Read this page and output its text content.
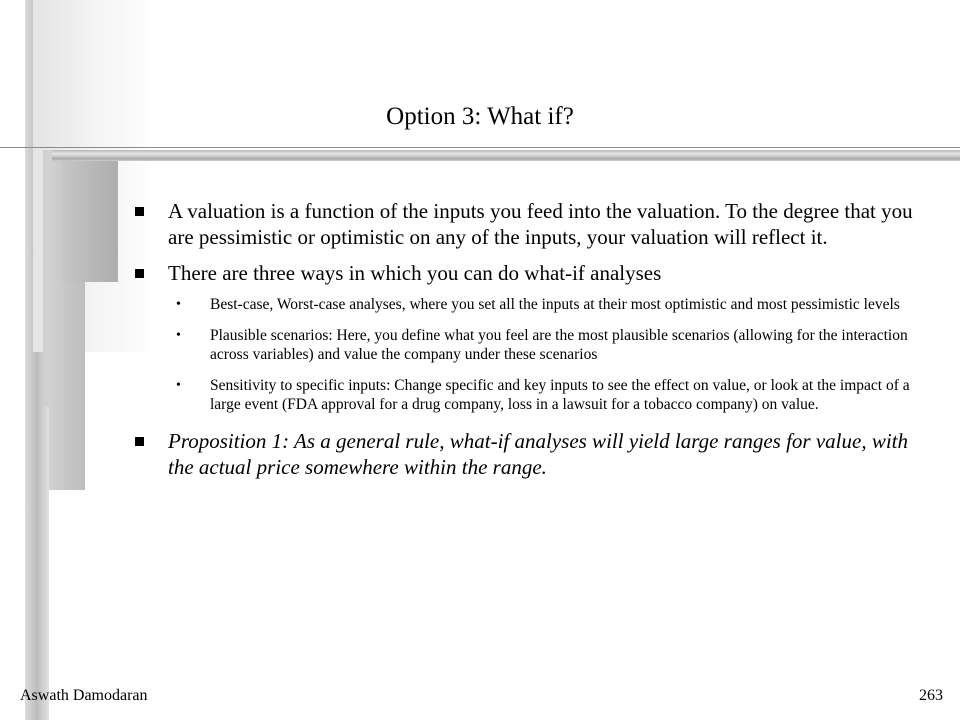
Option 3: What if?
A valuation is a function of the inputs you feed into the valuation. To the degree that you are pessimistic or optimistic on any of the inputs, your valuation will reflect it.
There are three ways in which you can do what-if analyses
• Best-case, Worst-case analyses, where you set all the inputs at their most optimistic and most pessimistic levels
• Plausible scenarios: Here, you define what you feel are the most plausible scenarios (allowing for the interaction across variables) and value the company under these scenarios
• Sensitivity to specific inputs: Change specific and key inputs to see the effect on value, or look at the impact of a large event (FDA approval for a drug company, loss in a lawsuit for a tobacco company) on value.
Proposition 1: As a general rule, what-if analyses will yield large ranges for value, with the actual price somewhere within the range.
Aswath Damodaran	263
